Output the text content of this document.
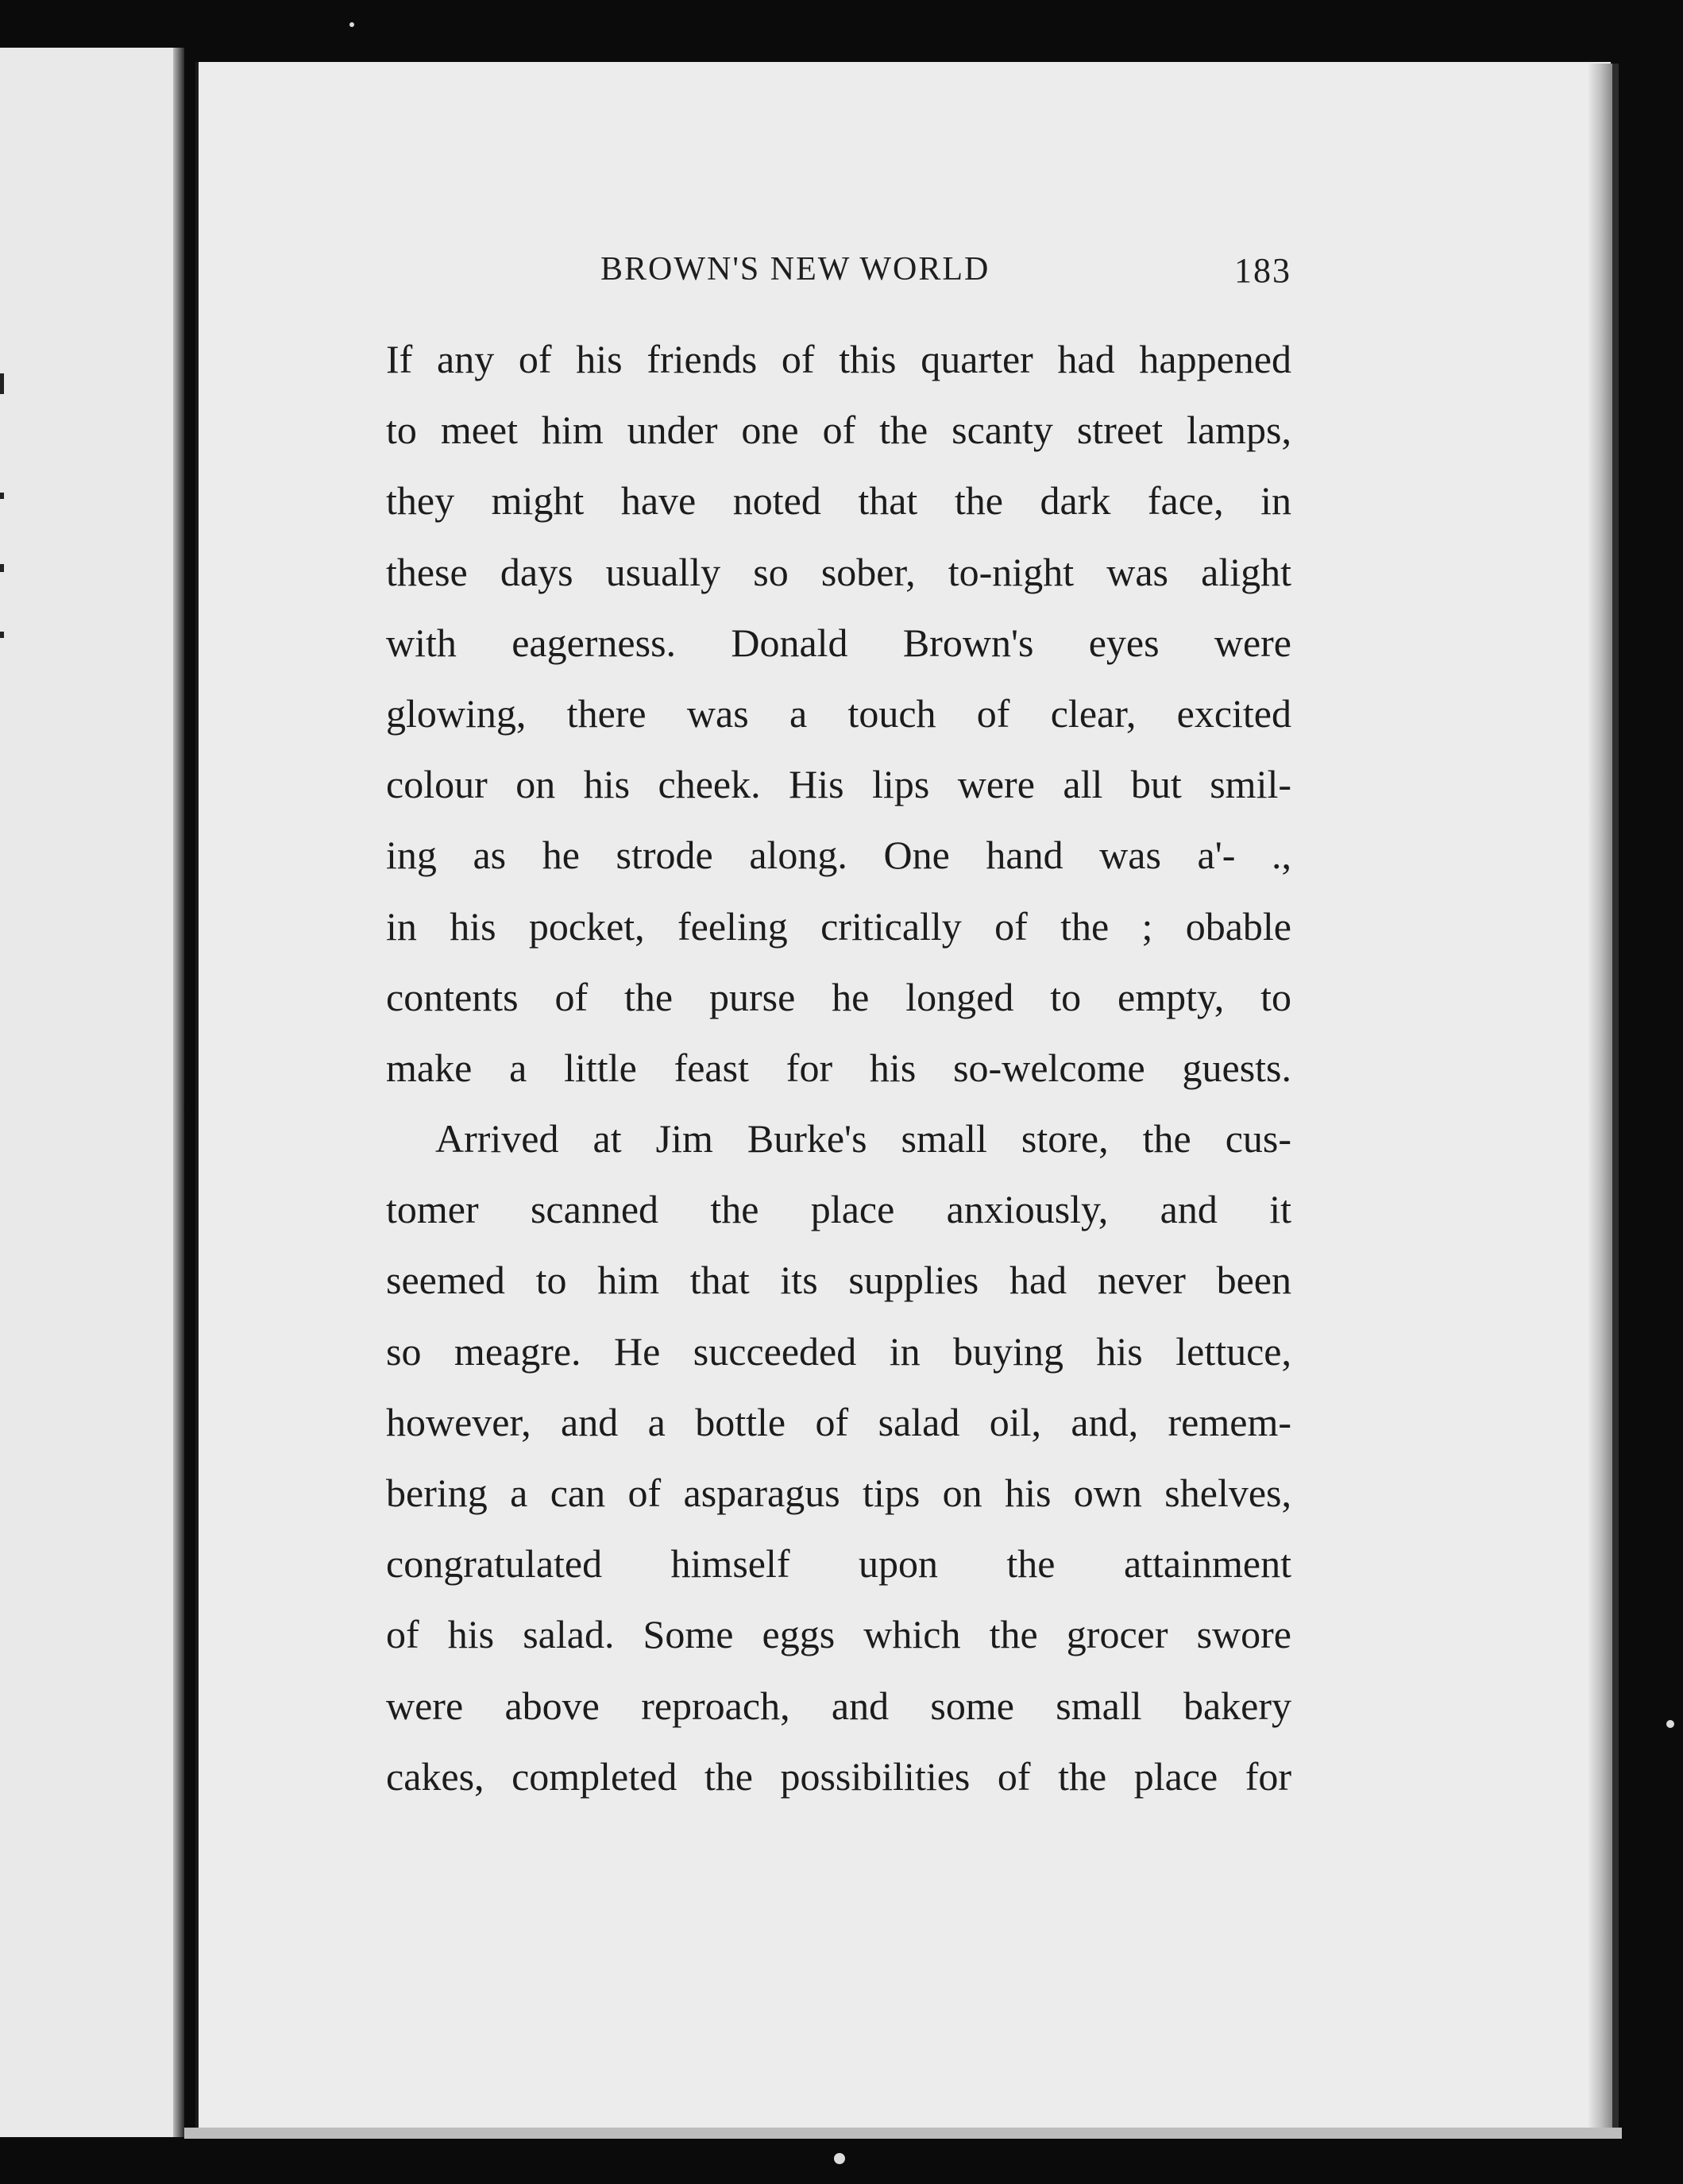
BROWN'S NEW WORLD	183
If any of his friends of this quarter had happened
to meet him under one of the scanty street lamps,
they might have noted that the dark face, in
these days usually so sober, to-night was alight
with eagerness. Donald Brown's eyes were
glowing, there was a touch of clear, excited
colour on his cheek. His lips were all but smil-
ing as he strode along. One hand was a'- .,
in his pocket, feeling critically of the ; obable
contents of the purse he longed to empty, to
make a little feast for his so-welcome guests.
Arrived at Jim Burke's small store, the cus-
tomer scanned the place anxiously, and it
seemed to him that its supplies had never been
so meagre. He succeeded in buying his lettuce,
however, and a bottle of salad oil, and, remem-
bering a can of asparagus tips on his own shelves,
congratulated himself upon the attainment
of his salad. Some eggs which the grocer swore
were above reproach, and some small bakery
cakes, completed the possibilities of the place for
